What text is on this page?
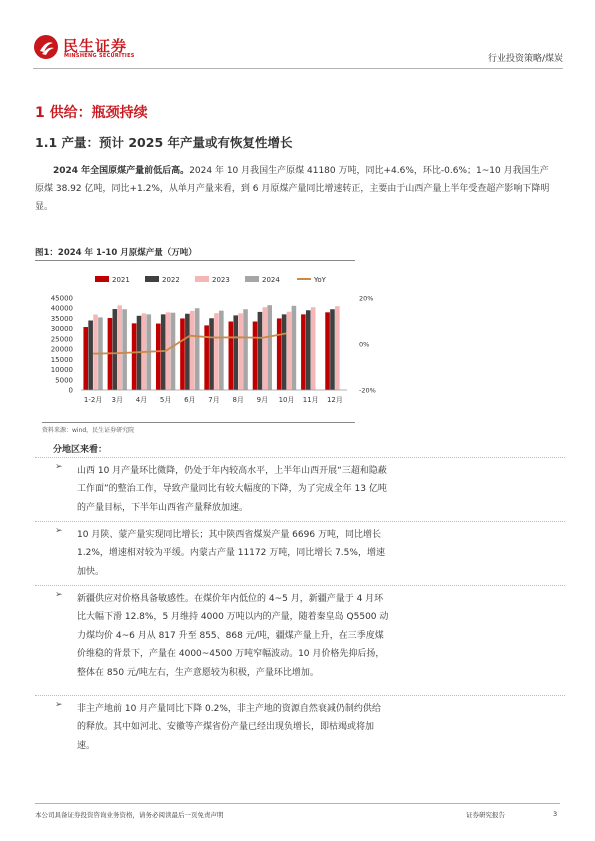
民生证券
MINSHENG SECURITIES	行业投资策略/煤炭
1 供给：瓶颈持续
1.1 产量：预计 2025 年产量或有恢复性增长

2024 年全国原煤产量前低后高。2024 年 10 月我国生产原煤 41180 万吨，同比+4.6%，环比-0.6%；1~10 月我国生产原煤 38.92 亿吨，同比+1.2%，从单月产量来看，到 6 月原煤产量同比增速转正，主要由于山西产量上半年受查超产影响下降明显。

图1：2024 年 1-10 月原煤产量（万吨）
2021	2022	2023	2024	YoY
45000
40000
35000
30000
25000
20000
15000
10000
5000
0
20%
0%
-20%
1-2月 3月 4月 5月 6月 7月 8月 9月 10月 11月 12月
资料来源：wind，民生证券研究院
分地区来看：
➢ 山西 10 月产量环比微降，仍处于年内较高水平，上半年山西开展“三超和隐蔽工作面”的整治工作，导致产量同比有较大幅度的下降，为了完成全年 13 亿吨的产量目标，下半年山西省产量释放加速。

➢ 10 月陕、蒙产量实现同比增长；其中陕西省煤炭产量 6696 万吨，同比增长 1.2%，增速相对较为平缓。内蒙古产量 11172 万吨，同比增长 7.5%，增速加快。

➢ 新疆供应对价格具备敏感性。在煤价年内低位的 4~5 月，新疆产量于 4 月环比大幅下滑 12.8%，5 月维持 4000 万吨以内的产量，随着秦皇岛 Q5500 动力煤均价 4~6 月从 817 升至 855、868 元/吨，疆煤产量上升，在三季度煤价维稳的背景下，产量在 4000~4500 万吨窄幅波动。10 月价格先抑后扬，整体在 850 元/吨左右，生产意愿较为积极，产量环比增加。

➢ 非主产地前 10 月产量同比下降 0.2%，非主产地的资源自然衰减仍制约供给的释放。其中如河北、安徽等产煤省份产量已经出现负增长，即枯竭或将加速。

本公司具备证券投资咨询业务资格，请务必阅读最后一页免责声明	证券研究报告	3
